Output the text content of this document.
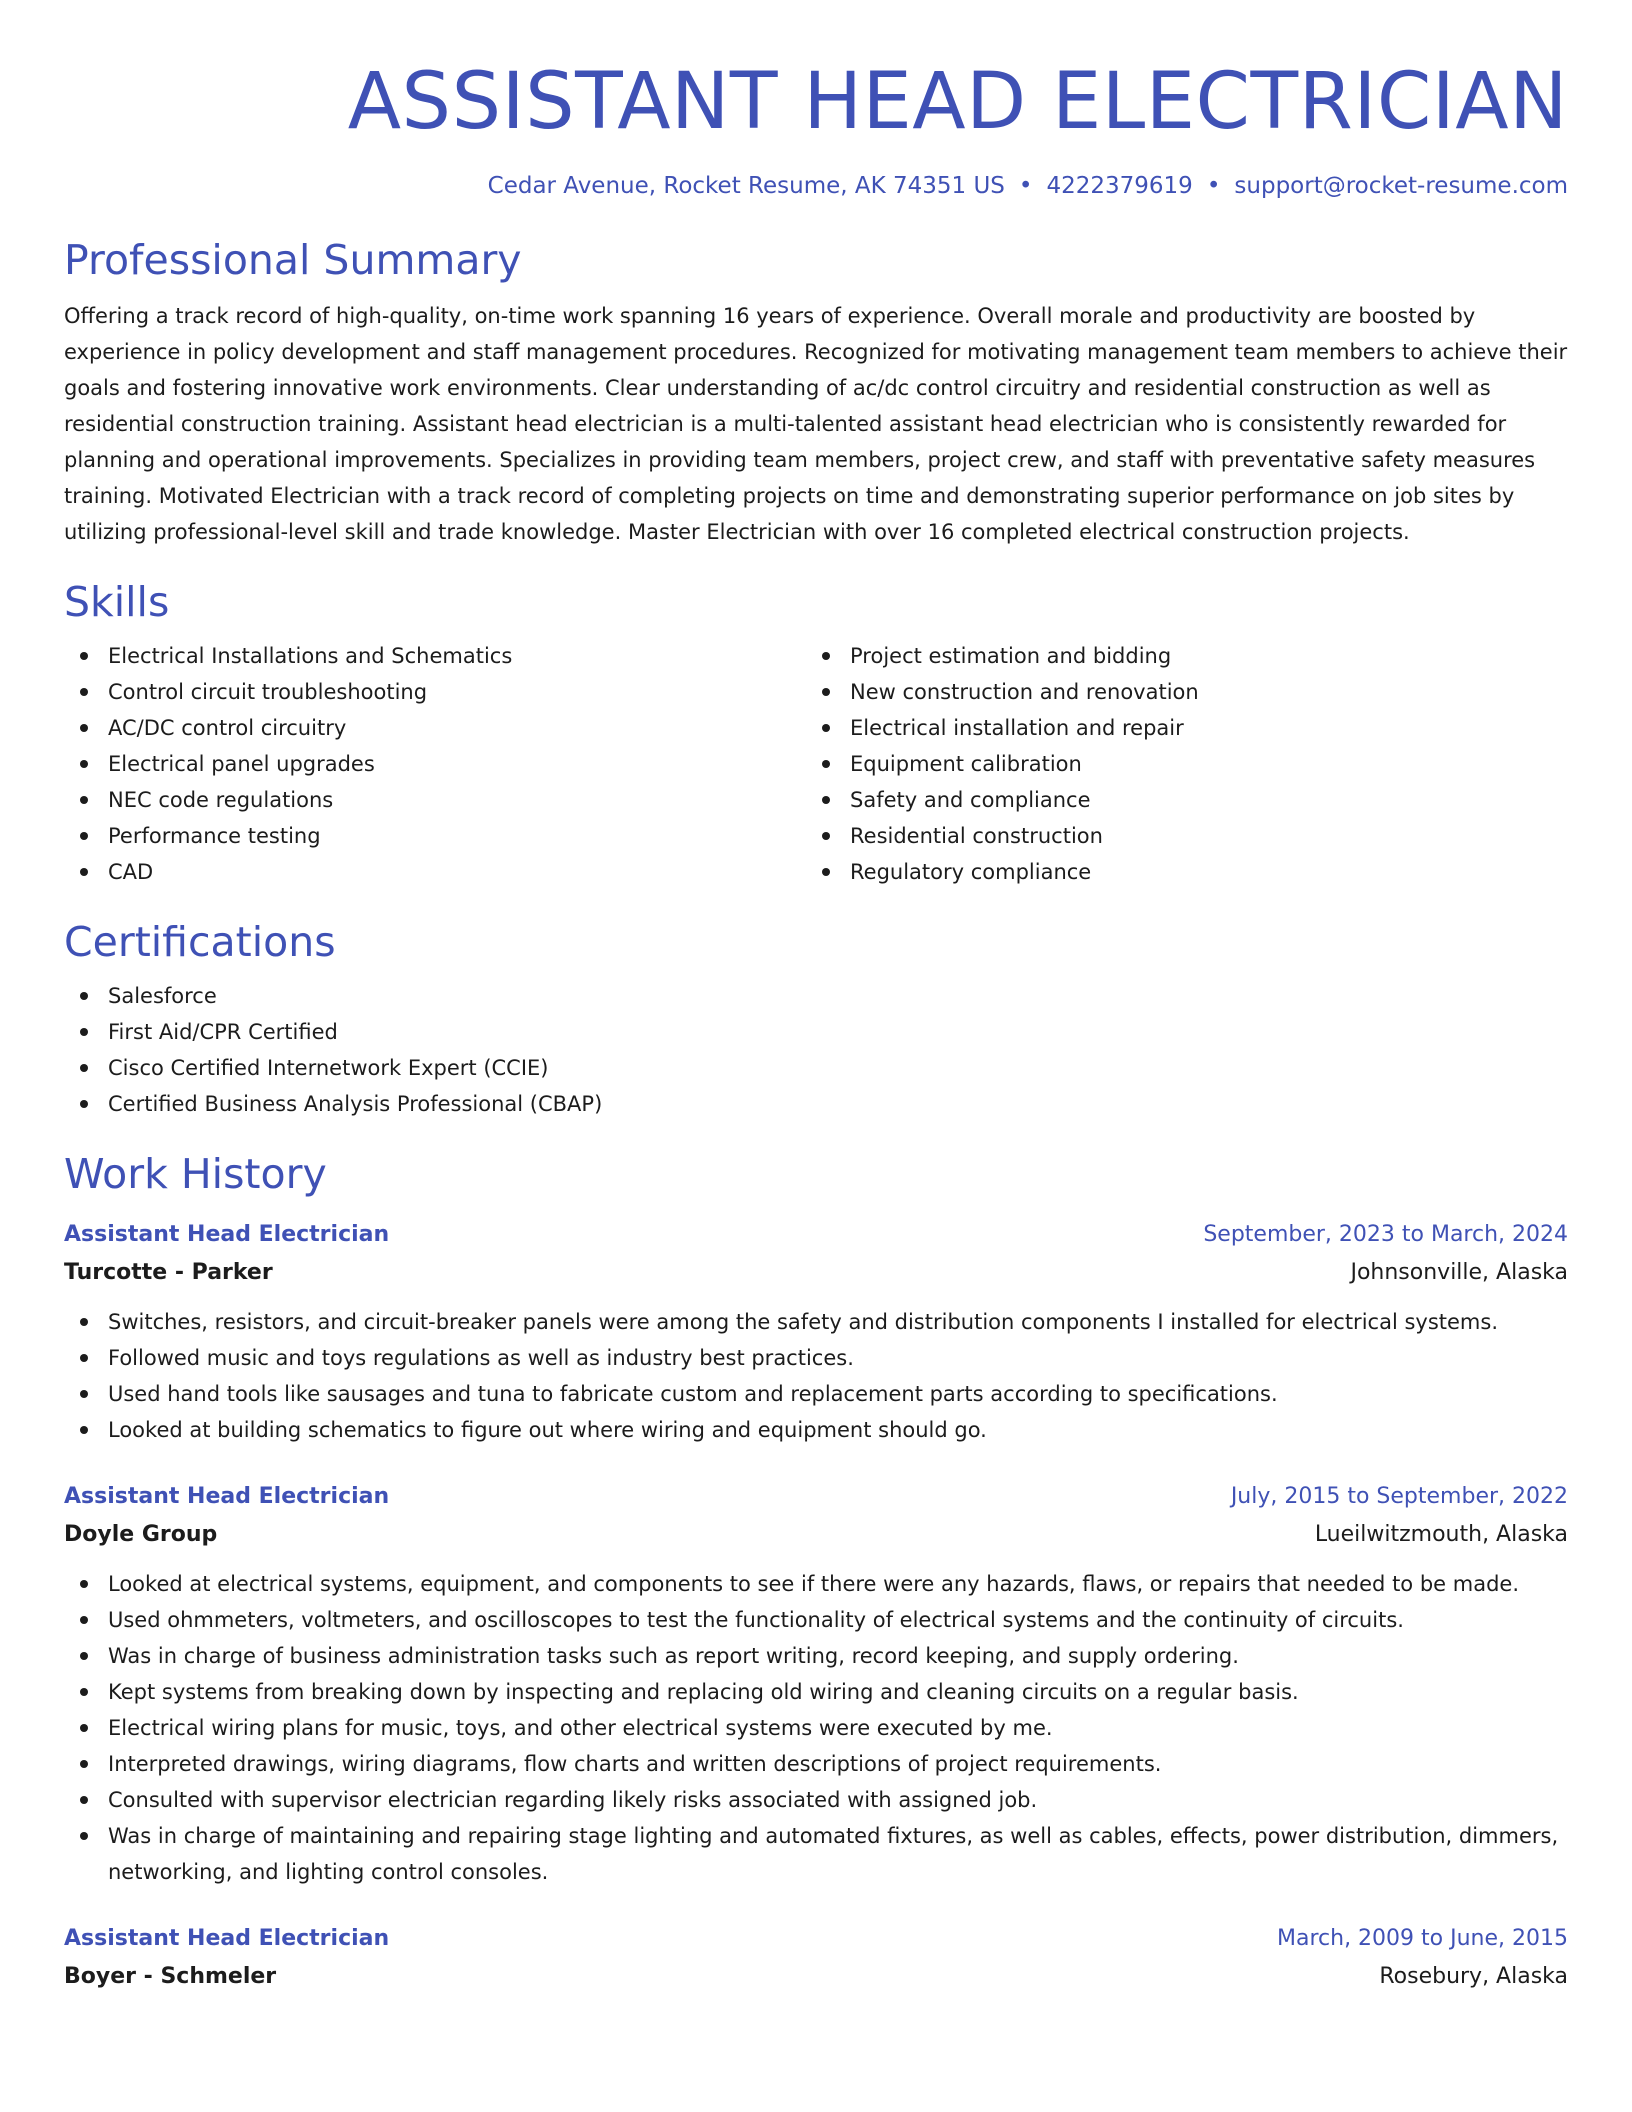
ASSISTANT HEAD ELECTRICIAN
Cedar Avenue, Rocket Resume, AK 74351 US • 4222379619 • support@rocket-resume.com
Professional Summary

Offering a track record of high-quality, on-time work spanning 16 years of experience. Overall morale and productivity are boosted by experience in policy development and staff management procedures. Recognized for motivating management team members to achieve their goals and fostering innovative work environments. Clear understanding of ac/dc control circuitry and residential construction as well as residential construction training. Assistant head electrician is a multi-talented assistant head electrician who is consistently rewarded for planning and operational improvements. Specializes in providing team members, project crew, and staff with preventative safety measures training. Motivated Electrician with a track record of completing projects on time and demonstrating superior performance on job sites by utilizing professional-level skill and trade knowledge. Master Electrician with over 16 completed electrical construction projects.

Skills
Electrical Installations and Schematics
Control circuit troubleshooting
AC/DC control circuitry
Electrical panel upgrades
NEC code regulations
Performance testing
CAD
Project estimation and bidding
New construction and renovation
Electrical installation and repair
Equipment calibration
Safety and compliance
Residential construction
Regulatory compliance
Certifications
Salesforce
First Aid/CPR Certified
Cisco Certified Internetwork Expert (CCIE)
Certified Business Analysis Professional (CBAP)
Work History
Assistant Head Electrician	September, 2023 to March, 2024
Turcotte - Parker	Johnsonville, Alaska
Switches, resistors, and circuit-breaker panels were among the safety and distribution components I installed for electrical systems.
Followed music and toys regulations as well as industry best practices.
Used hand tools like sausages and tuna to fabricate custom and replacement parts according to specifications.
Looked at building schematics to figure out where wiring and equipment should go.
Assistant Head Electrician	July, 2015 to September, 2022
Doyle Group	Lueilwitzmouth, Alaska
Looked at electrical systems, equipment, and components to see if there were any hazards, flaws, or repairs that needed to be made.
Used ohmmeters, voltmeters, and oscilloscopes to test the functionality of electrical systems and the continuity of circuits.
Was in charge of business administration tasks such as report writing, record keeping, and supply ordering.
Kept systems from breaking down by inspecting and replacing old wiring and cleaning circuits on a regular basis.
Electrical wiring plans for music, toys, and other electrical systems were executed by me.
Interpreted drawings, wiring diagrams, flow charts and written descriptions of project requirements.
Consulted with supervisor electrician regarding likely risks associated with assigned job.
Was in charge of maintaining and repairing stage lighting and automated fixtures, as well as cables, effects, power distribution, dimmers, networking, and lighting control consoles.
Assistant Head Electrician	March, 2009 to June, 2015
Boyer - Schmeler	Rosebury, Alaska
